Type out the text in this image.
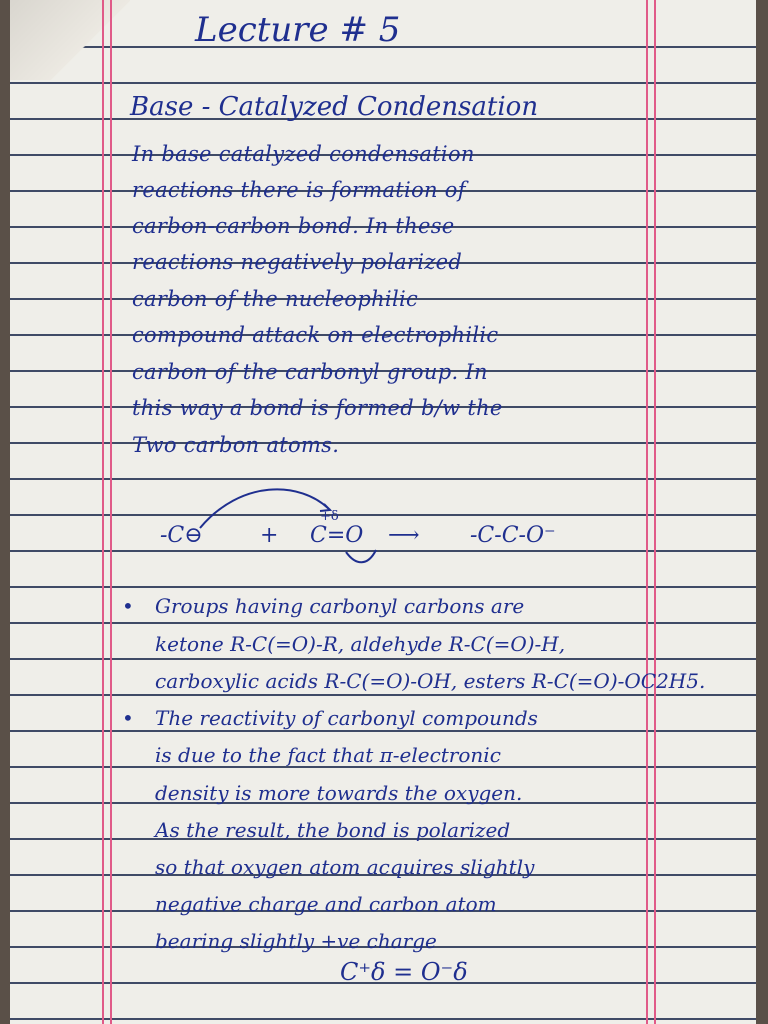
Lecture # 5
Base - Catalyzed Condensation
In base catalyzed condensation
reactions there is formation of
carbon-carbon bond. In these
reactions negatively polarized
carbon of the nucleophilic
compound attack on electrophilic
carbon of the carbonyl group. In
this way a bond is formed b/w the
Two carbon atoms.
-C⊖	+
+δ
C=O ⟶ -C-C-O⁻
• Groups having carbonyl carbons are
ketone R-C(=O)-R, aldehyde R-C(=O)-H,
carboxylic acids R-C(=O)-OH, esters R-C(=O)-OC2H5.
• The reactivity of carbonyl compounds
is due to the fact that π-electronic
density is more towards the oxygen.
As the result, the bond is polarized
so that oxygen atom acquires slightly
negative charge and carbon atom
bearing slightly +ve charge
C⁺δ = O⁻δ
